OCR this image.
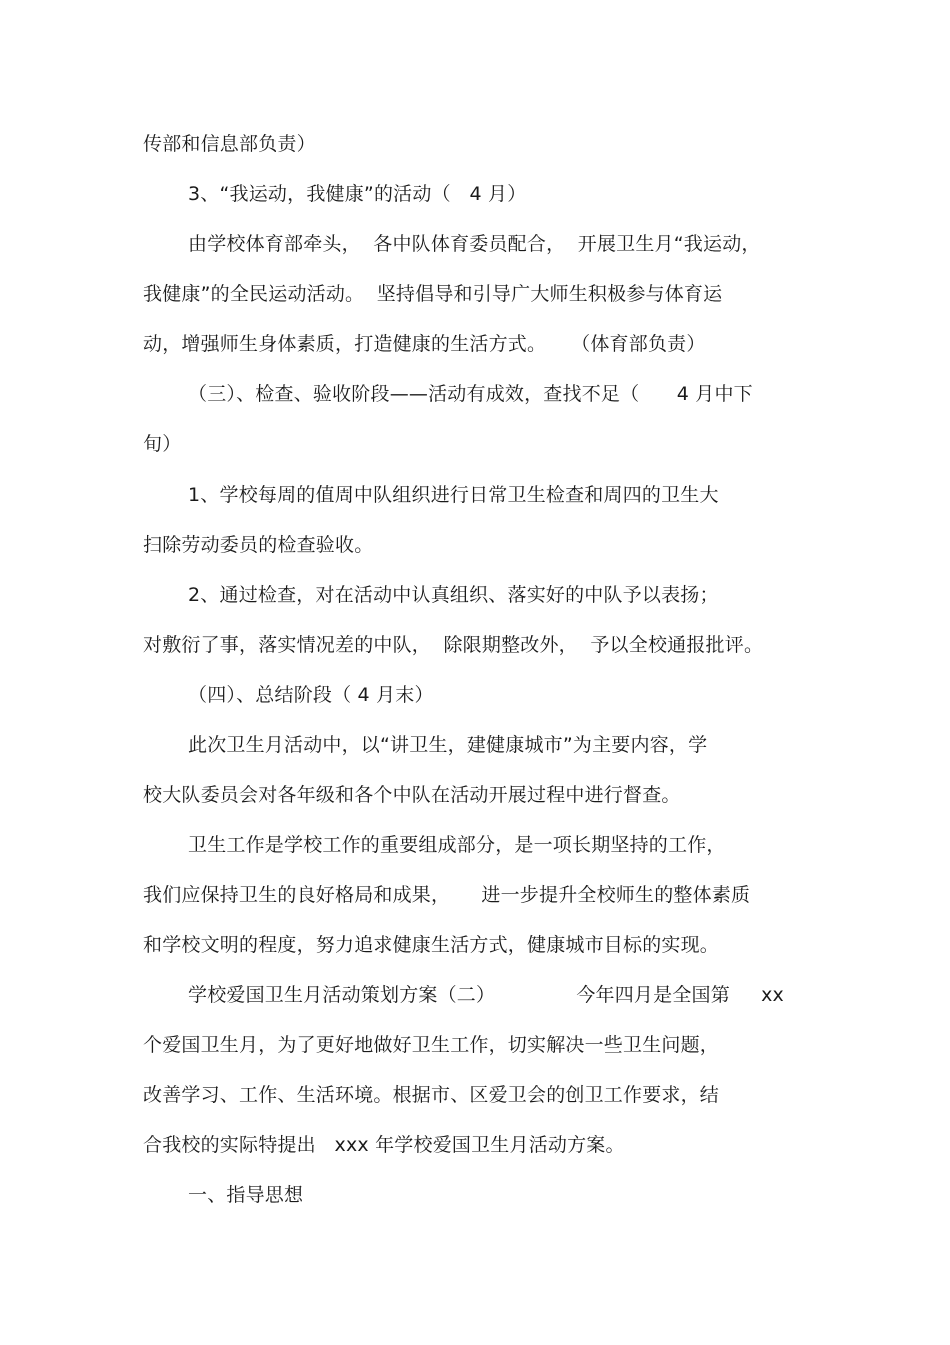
传部和信息部负责）
3、“我运动，我健康”的活动（   4 月）
由学校体育部牵头，  各中队体育委员配合，  开展卫生月“我运动，
我健康”的全民运动活动。  坚持倡导和引导广大师生积极参与体育运
动，增强师生身体素质，打造健康的生活方式。    （体育部负责）
（三）、检查、验收阶段——活动有成效，查找不足（      4 月中下
旬）
1、学校每周的值周中队组织进行日常卫生检查和周四的卫生大
扫除劳动委员的检查验收。
2、通过检查，对在活动中认真组织、落实好的中队予以表扬；
对敷衍了事，落实情况差的中队，  除限期整改外，  予以全校通报批评。
（四）、总结阶段（ 4 月末）
此次卫生月活动中，以“讲卫生，建健康城市”为主要内容，学
校大队委员会对各年级和各个中队在活动开展过程中进行督查。
卫生工作是学校工作的重要组成部分，是一项长期坚持的工作，
我们应保持卫生的良好格局和成果，     进一步提升全校师生的整体素质
和学校文明的程度，努力追求健康生活方式，健康城市目标的实现。
学校爱国卫生月活动策划方案（二）             今年四月是全国第     xx
个爱国卫生月，为了更好地做好卫生工作，切实解决一些卫生问题，
改善学习、工作、生活环境。根据市、区爱卫会的创卫工作要求，结
合我校的实际特提出   xxx 年学校爱国卫生月活动方案。
一、指导思想
